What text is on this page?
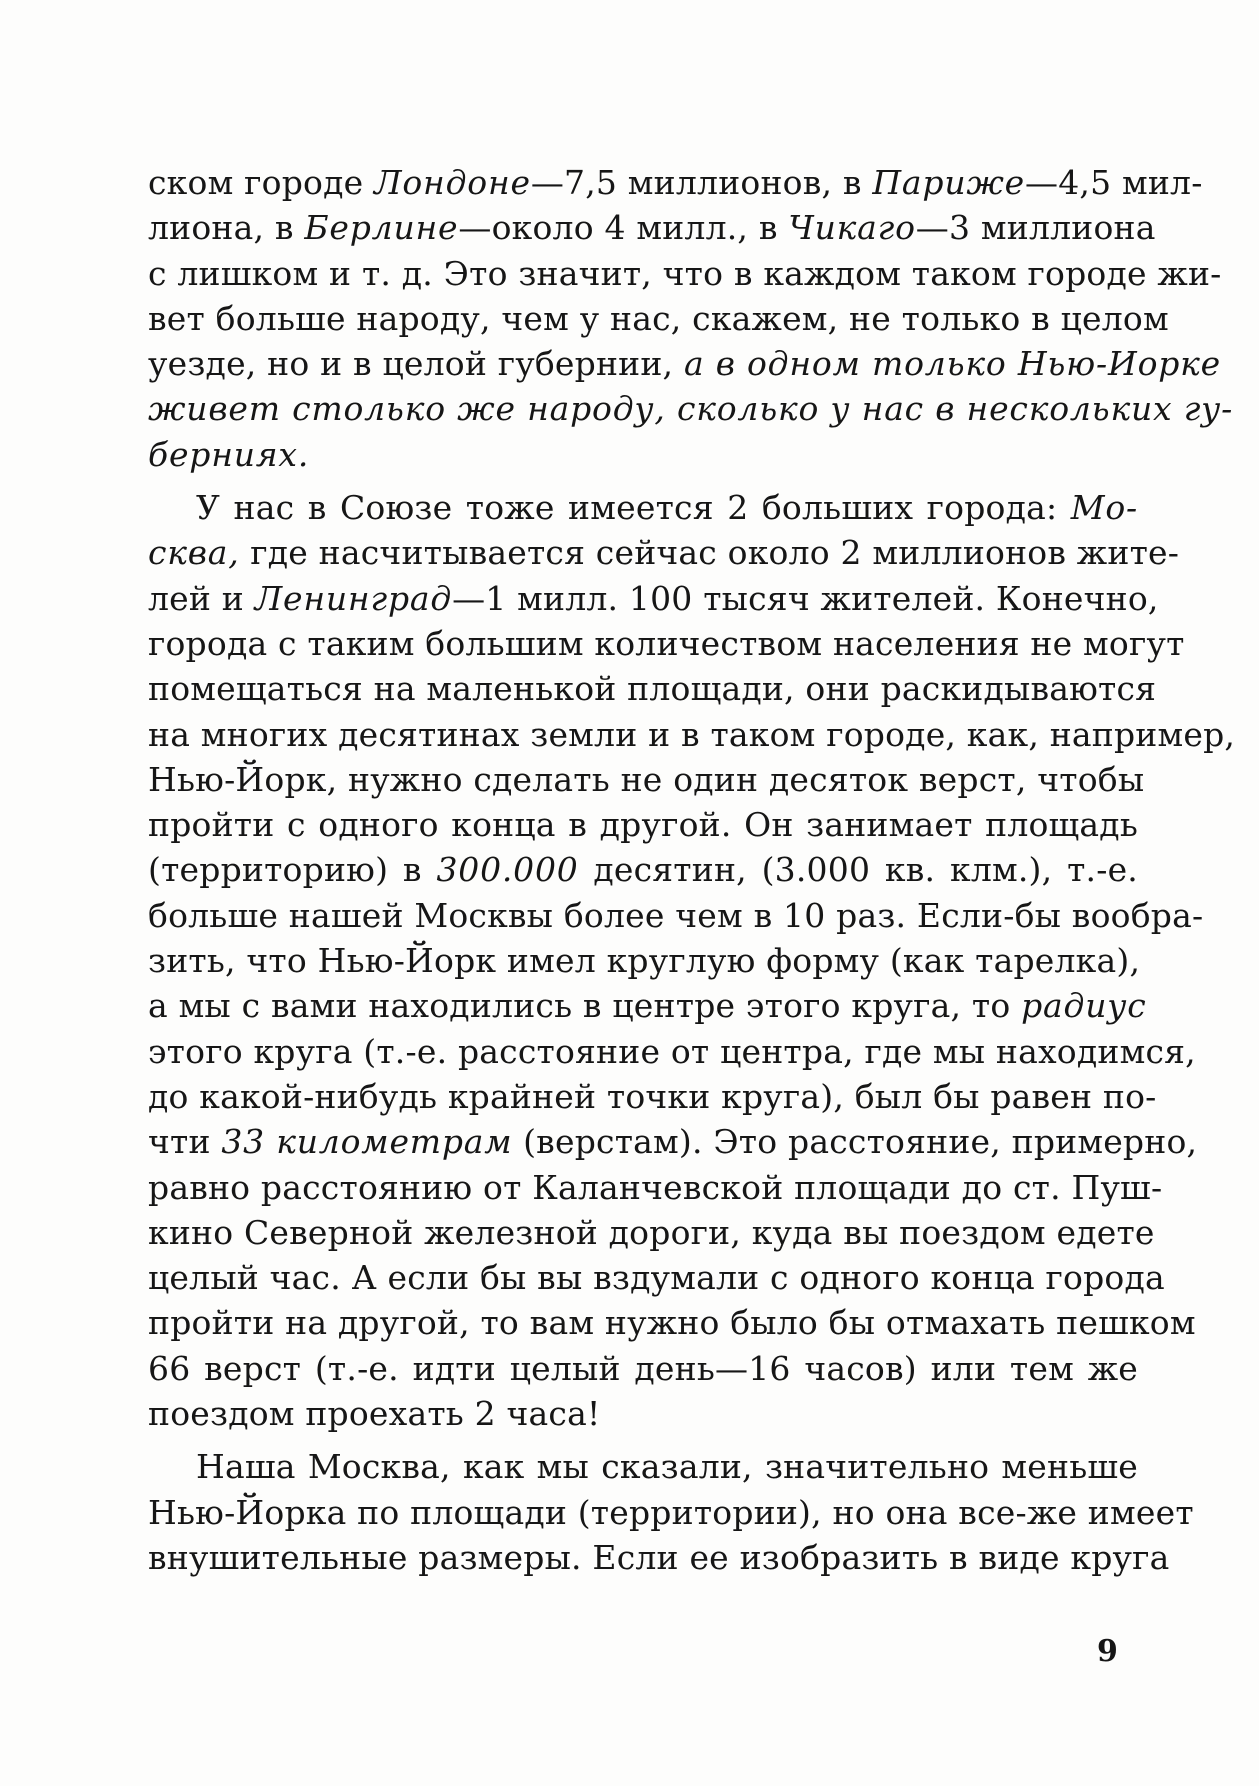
ском городе Лондоне—7,5 миллионов, в Париже—4,5 мил-
лиона, в Берлине—около 4 милл., в Чикаго—3 миллиона
с лишком и т. д. Это значит, что в каждом таком городе жи-
вет больше народу, чем у нас, скажем, не только в целом
уезде, но и в целой губернии, а в одном только Нью-Иорке
живет столько же народу, сколько у нас в нескольких гу-
берниях.
У нас в Союзе тоже имеется 2 больших города: Мо-
сква, где насчитывается сейчас около 2 миллионов жите-
лей и Ленинград—1 милл. 100 тысяч жителей. Конечно,
города с таким большим количеством населения не могут
помещаться на маленькой площади, они раскидываются
на многих десятинах земли и в таком городе, как, например,
Нью-Йорк, нужно сделать не один десяток верст, чтобы
пройти с одного конца в другой. Он занимает площадь
(территорию) в 300.000 десятин, (3.000 кв. клм.), т.-е.
больше нашей Москвы более чем в 10 раз. Если-бы вообра-
зить, что Нью-Йорк имел круглую форму (как тарелка),
а мы с вами находились в центре этого круга, то радиус
этого круга (т.-е. расстояние от центра, где мы находимся,
до какой-нибудь крайней точки круга), был бы равен по-
чти 33 километрам (верстам). Это расстояние, примерно,
равно расстоянию от Каланчевской площади до ст. Пуш-
кино Северной железной дороги, куда вы поездом едете
целый час. А если бы вы вздумали с одного конца города
пройти на другой, то вам нужно было бы отмахать пешком
66 верст (т.-е. идти целый день—16 часов) или тем же
поездом проехать 2 часа!
Наша Москва, как мы сказали, значительно меньше
Нью-Йорка по площади (территории), но она все-же имеет
внушительные размеры. Если ее изобразить в виде круга
9
